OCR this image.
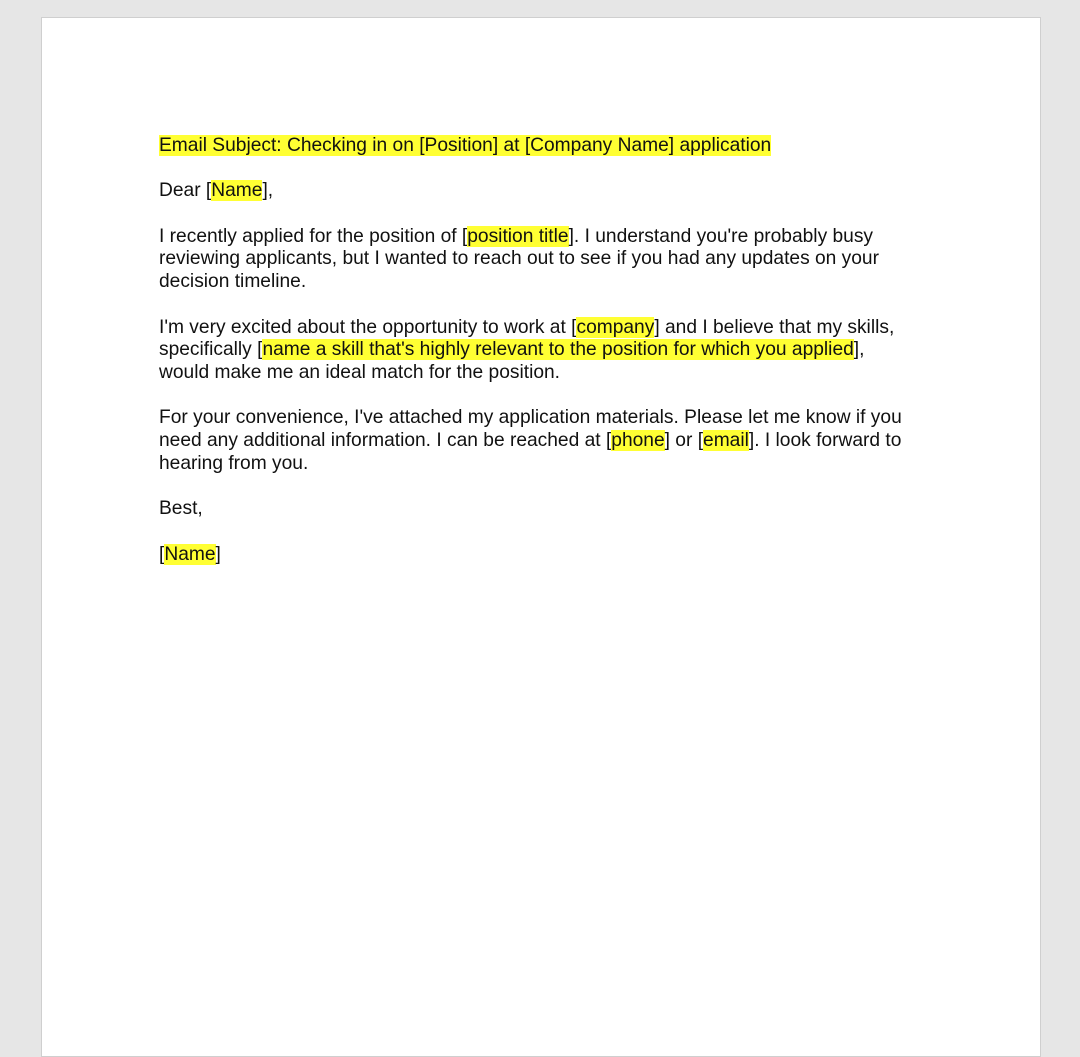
Email Subject: Checking in on [Position] at [Company Name] application

Dear [Name],

I recently applied for the position of [position title]. I understand you're probably busy
reviewing applicants, but I wanted to reach out to see if you had any updates on your
decision timeline.

I'm very excited about the opportunity to work at [company] and I believe that my skills,
specifically [name a skill that's highly relevant to the position for which you applied],
would make me an ideal match for the position.

For your convenience, I've attached my application materials. Please let me know if you
need any additional information. I can be reached at [phone] or [email]. I look forward to
hearing from you.

Best,

[Name]
